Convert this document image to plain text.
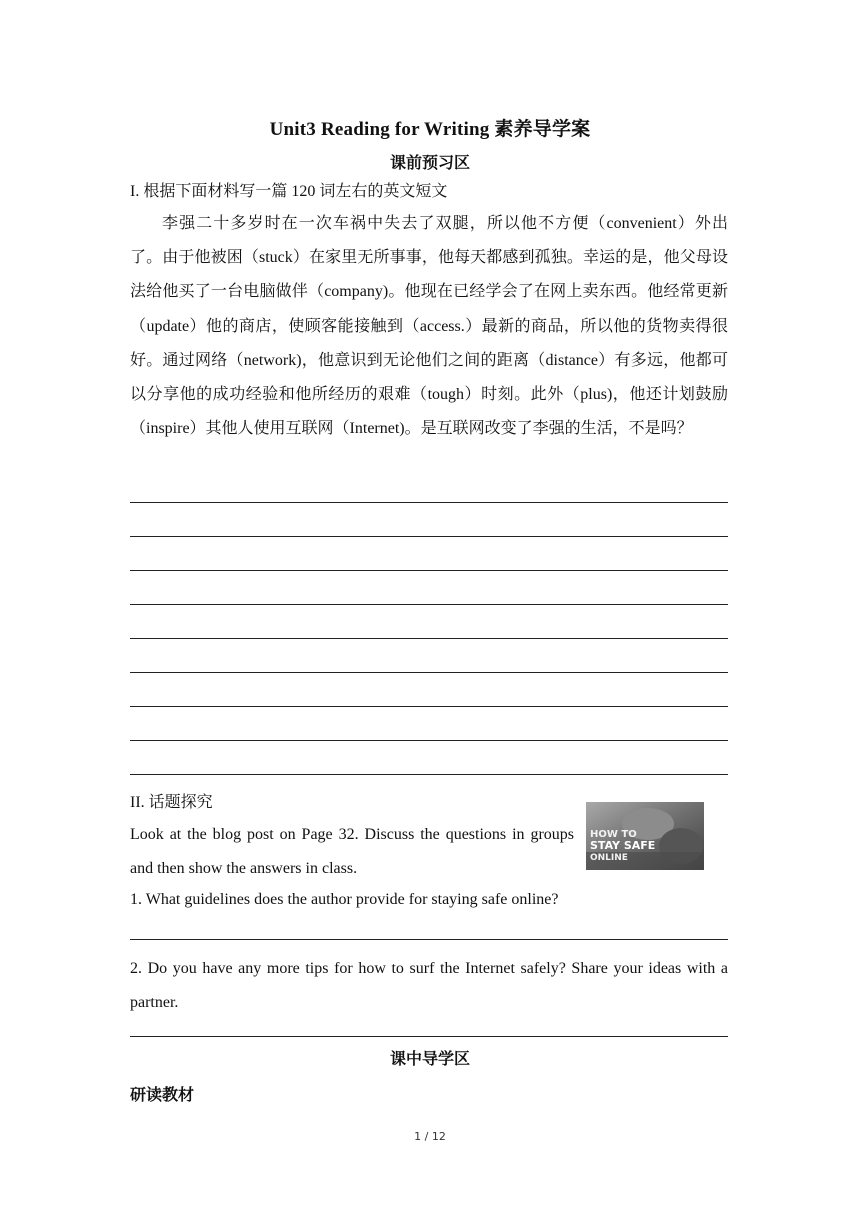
Unit3 Reading for Writing 素养导学案
课前预习区
I. 根据下面材料写一篇 120 词左右的英文短文
李强二十多岁时在一次车祸中失去了双腿，所以他不方便（convenient）外出了。由于他被困（stuck）在家里无所事事，他每天都感到孤独。幸运的是，他父母设法给他买了一台电脑做伴（company)。他现在已经学会了在网上卖东西。他经常更新（update）他的商店，使顾客能接触到（access.）最新的商品，所以他的货物卖得很好。通过网络（network)，他意识到无论他们之间的距离（distance）有多远，他都可以分享他的成功经验和他所经历的艰难（tough）时刻。此外（plus)，他还计划鼓励（inspire）其他人使用互联网（Internet)。是互联网改变了李强的生活，不是吗？
II. 话题探究
Look at the blog post on Page 32. Discuss the questions in groups and then show the answers in class.
HOW TO
STAY SAFE
ONLINE
1. What guidelines does the author provide for staying safe online?
2. Do you have any more tips for how to surf the Internet safely? Share your ideas with a partner.
课中导学区
研读教材
1 / 12
